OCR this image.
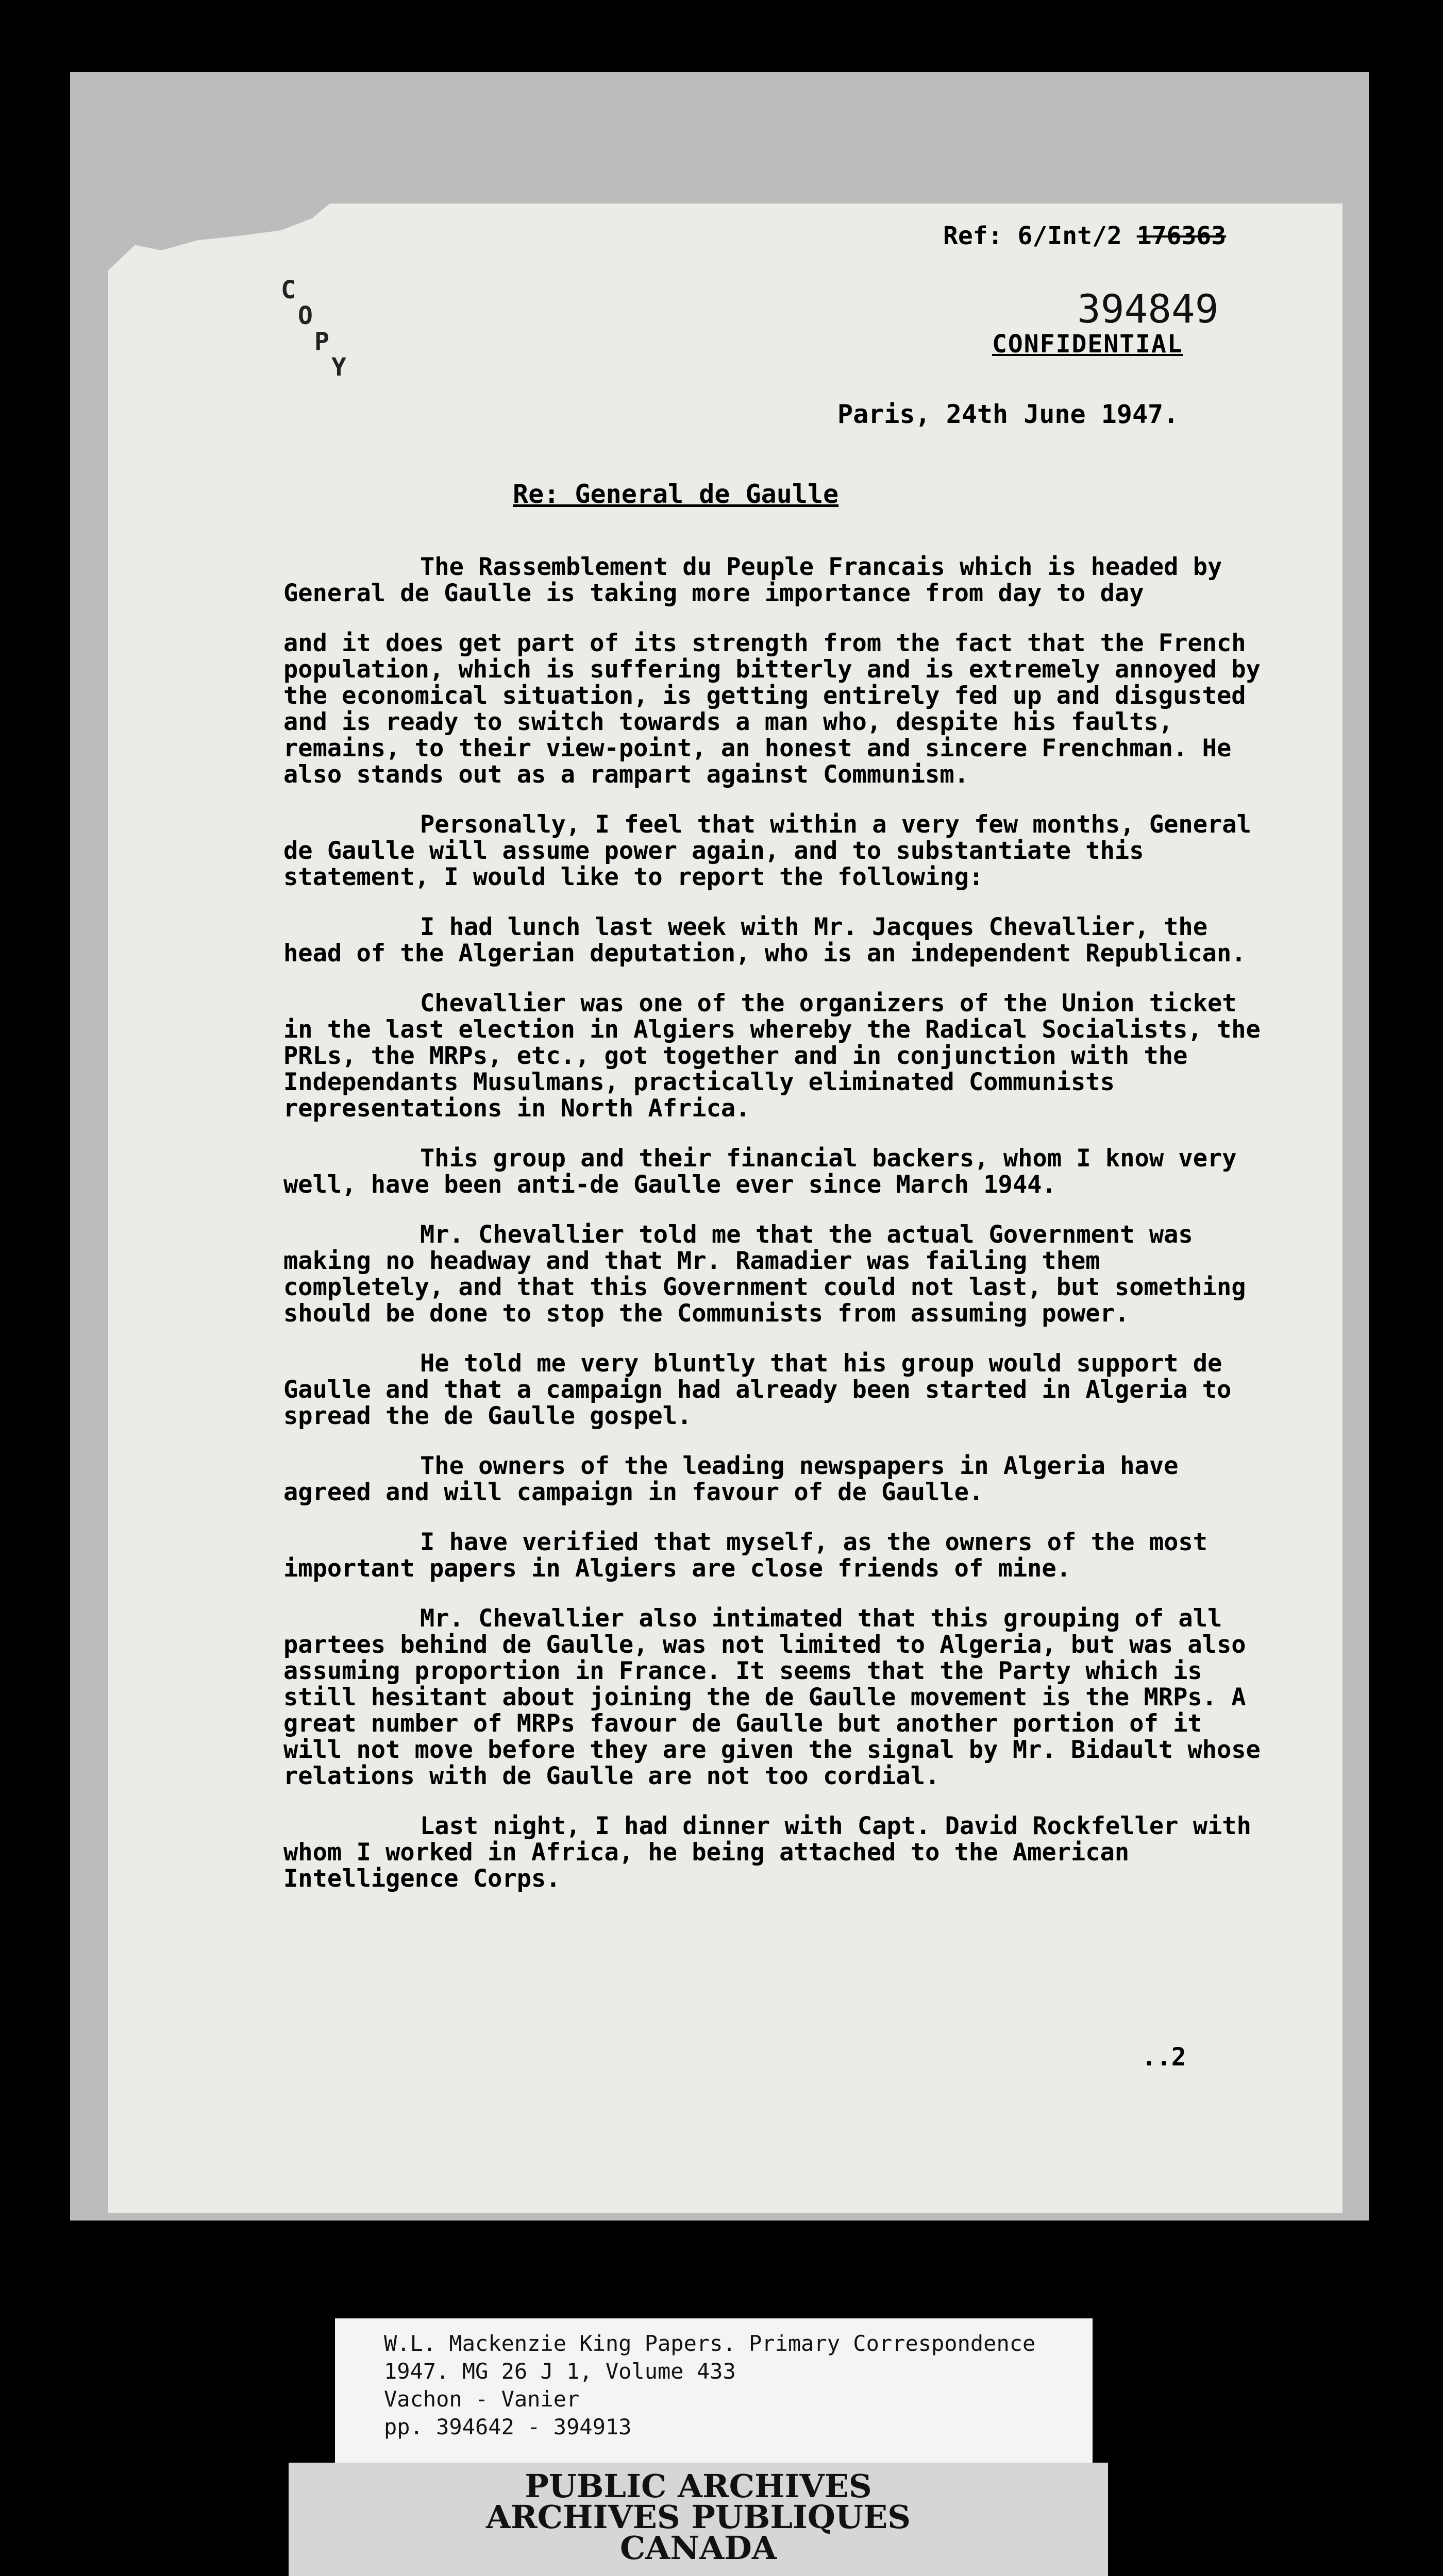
C
O
P
Y
Ref: 6/Int/2 176363
394849
CONFIDENTIAL
Paris, 24th June 1947.
Re: General de Gaulle

The Rassemblement du Peuple Francais which is headed by General de Gaulle is taking more importance from day to day

and it does get part of its strength from the fact that the French population, which is suffering bitterly and is extremely annoyed by the economical situation, is getting entirely fed up and disgusted and is ready to switch towards a man who, despite his faults, remains, to their view-point, an honest and sincere Frenchman. He also stands out as a rampart against Communism.

Personally, I feel that within a very few months, General de Gaulle will assume power again, and to substantiate this statement, I would like to report the following:

I had lunch last week with Mr. Jacques Chevallier, the head of the Algerian deputation, who is an independent Republican.

Chevallier was one of the organizers of the Union ticket in the last election in Algiers whereby the Radical Socialists, the PRLs, the MRPs, etc., got together and in conjunction with the Independants Musulmans, practically eliminated Communists representations in North Africa.

This group and their financial backers, whom I know very well, have been anti-de Gaulle ever since March 1944.

Mr. Chevallier told me that the actual Government was making no headway and that Mr. Ramadier was failing them completely, and that this Government could not last, but something should be done to stop the Communists from assuming power.

He told me very bluntly that his group would support de Gaulle and that a campaign had already been started in Algeria to spread the de Gaulle gospel.

The owners of the leading newspapers in Algeria have agreed and will campaign in favour of de Gaulle.

I have verified that myself, as the owners of the most important papers in Algiers are close friends of mine.

Mr. Chevallier also intimated that this grouping of all partees behind de Gaulle, was not limited to Algeria, but was also assuming proportion in France. It seems that the Party which is still hesitant about joining the de Gaulle movement is the MRPs. A great number of MRPs favour de Gaulle but another portion of it will not move before they are given the signal by Mr. Bidault whose relations with de Gaulle are not too cordial.

Last night, I had dinner with Capt. David Rockfeller with whom I worked in Africa, he being attached to the American Intelligence Corps.

..2
W.L. Mackenzie King Papers. Primary Correspondence
1947. MG 26 J 1, Volume 433
Vachon - Vanier
pp. 394642 - 394913
PUBLIC ARCHIVES
ARCHIVES PUBLIQUES
CANADA
